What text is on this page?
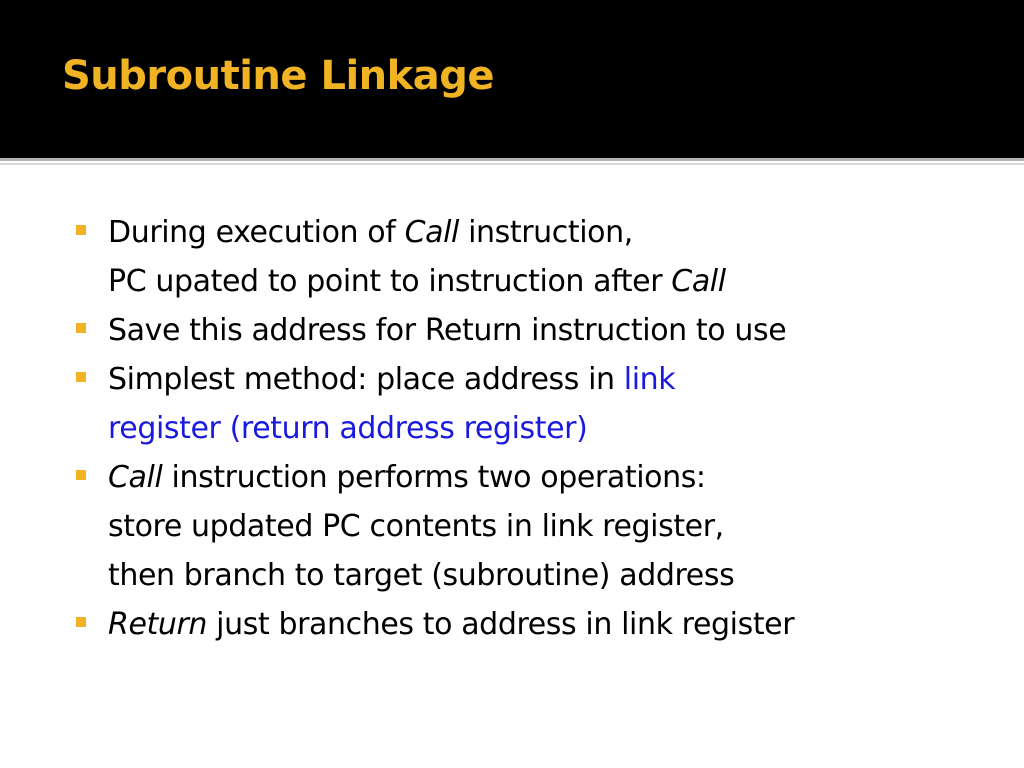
Subroutine Linkage
During execution of Call instruction,
PC upated to point to instruction after Call
Save this address for Return instruction to use
Simplest method: place address in link
register (return address register)
Call instruction performs two operations:
store updated PC contents in link register,
then branch to target (subroutine) address
Return just branches to address in link register
